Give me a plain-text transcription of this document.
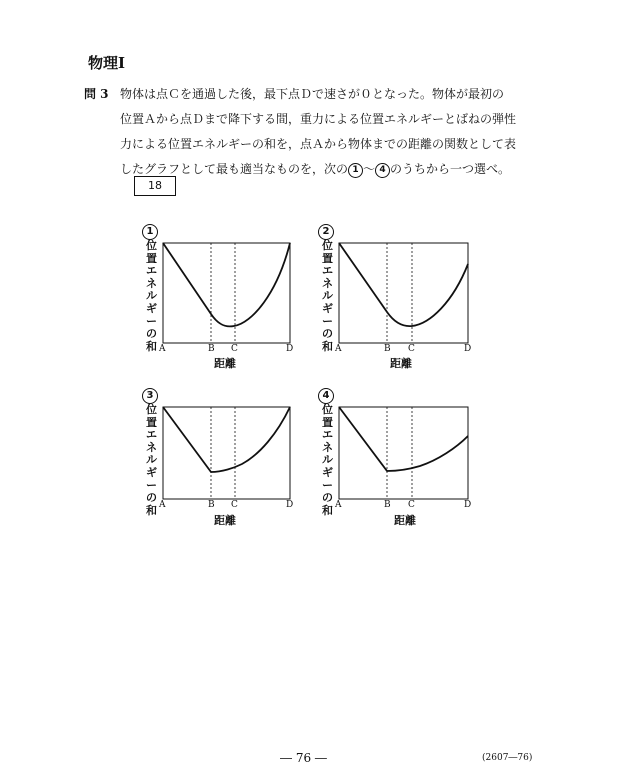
物理Ⅰ
問 3 物体は点Ｃを通過した後，最下点Ｄで速さが０となった。物体が最初の
位置Ａから点Ｄまで降下する間，重力による位置エネルギーとばねの弾性
力による位置エネルギーの和を，点Ａから物体までの距離の関数として表
したグラフとして最も適当なものを，次の 1 ～ 4 のうちから一つ選べ。
18
1
位置エネルギーの和 A	B C	D
距離
2
位置エネルギーの和 A	B C	D
距離
3
位置エネルギーの和 A	B C	D
距離
4
位置エネルギーの和 A	B C	D
距離
― 76 ―	(2607―76)
